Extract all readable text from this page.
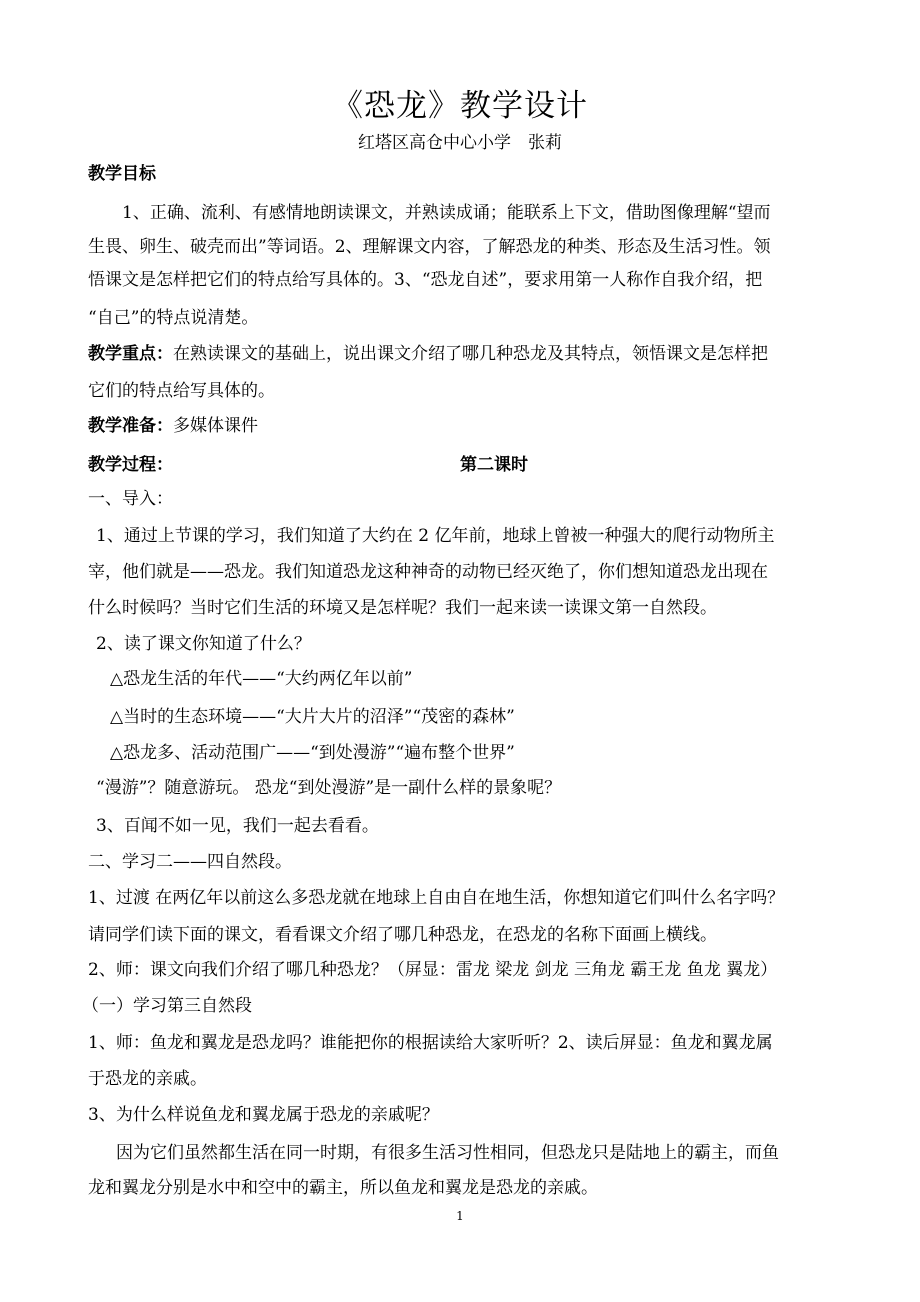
《恐龙》教学设计
红塔区高仓中心小学　张莉
教学目标
1、正确、流利、有感情地朗读课文，并熟读成诵；能联系上下文，借助图像理解“望而
生畏、卵生、破壳而出”等词语。2、理解课文内容，了解恐龙的种类、形态及生活习性。领
悟课文是怎样把它们的特点给写具体的。3、“恐龙自述”，要求用第一人称作自我介绍，把
“自己”的特点说清楚。
教学重点：在熟读课文的基础上，说出课文介绍了哪几种恐龙及其特点，领悟课文是怎样把
它们的特点给写具体的。
教学准备：多媒体课件
教学过程：	第二课时
一、导入：
1、通过上节课的学习，我们知道了大约在 2 亿年前，地球上曾被一种强大的爬行动物所主
宰，他们就是——恐龙。我们知道恐龙这种神奇的动物已经灭绝了，你们想知道恐龙出现在
什么时候吗？当时它们生活的环境又是怎样呢？我们一起来读一读课文第一自然段。
2、读了课文你知道了什么？
△恐龙生活的年代——“大约两亿年以前”
△当时的生态环境——“大片大片的沼泽”“茂密的森林”
△恐龙多、活动范围广——“到处漫游”“遍布整个世界”
“漫游”？随意游玩。 恐龙“到处漫游”是一副什么样的景象呢？
3、百闻不如一见，我们一起去看看。
二、学习二——四自然段。
1、过渡 在两亿年以前这么多恐龙就在地球上自由自在地生活，你想知道它们叫什么名字吗？
请同学们读下面的课文，看看课文介绍了哪几种恐龙，在恐龙的名称下面画上横线。
2、师：课文向我们介绍了哪几种恐龙？（屏显：雷龙 梁龙 剑龙 三角龙 霸王龙 鱼龙 翼龙）
（一）学习第三自然段
1、师：鱼龙和翼龙是恐龙吗？谁能把你的根据读给大家听听？2、读后屏显：鱼龙和翼龙属
于恐龙的亲戚。
3、为什么样说鱼龙和翼龙属于恐龙的亲戚呢？
因为它们虽然都生活在同一时期，有很多生活习性相同，但恐龙只是陆地上的霸主，而鱼
龙和翼龙分别是水中和空中的霸主，所以鱼龙和翼龙是恐龙的亲戚。
1
